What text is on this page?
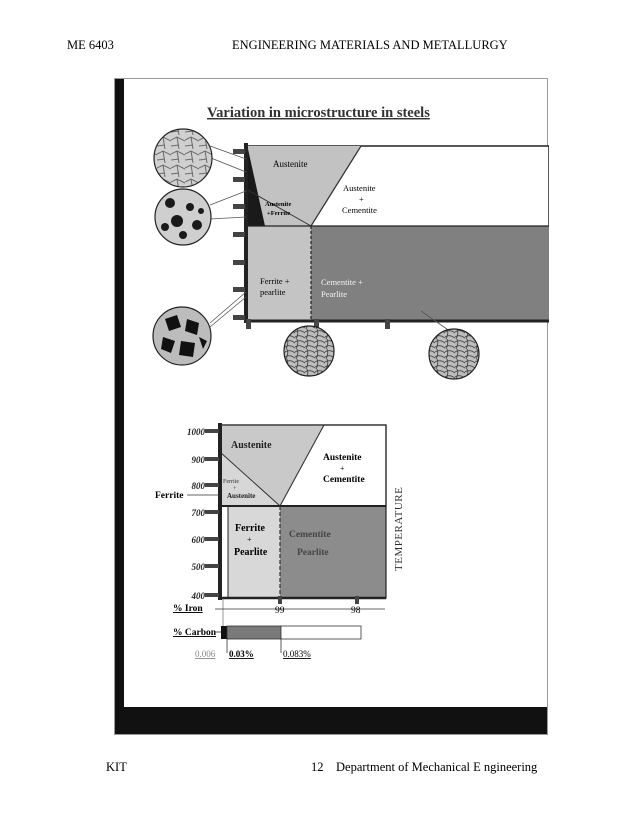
ME 6403	ENGINEERING MATERIALS AND METALLURGY
Variation in microstructure in steels
Austenite
Austenite
+Ferrite
Austenite
+
Cementite
Ferrite +
pearlite
Cementite +
Pearlite
1000
900
800
700
600
500
400
Ferrite
Austenite
Ferrite
+
Austenite
Austenite
+
Cementite
Ferrite
+
Pearlite
Cementite
Pearlite	TEMPERATURE
% Iron	99	98
% Carbon
0.006 0.03%	0.083%
KIT	12 Department of Mechanical E ngineering
